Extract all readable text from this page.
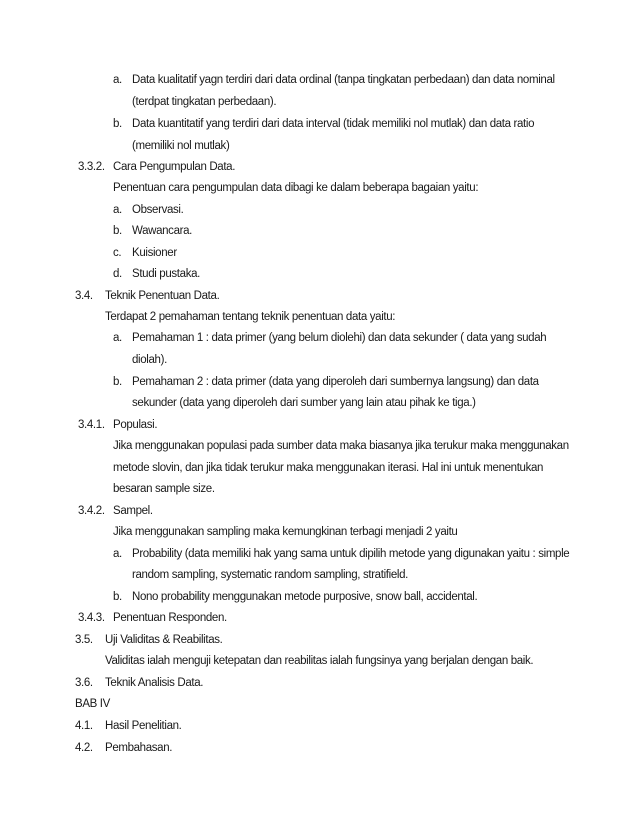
a. Data kualitatif yagn terdiri dari data ordinal (tanpa tingkatan perbedaan) dan data nominal
(terdpat tingkatan perbedaan).
b. Data kuantitatif yang terdiri dari data interval (tidak memiliki nol mutlak) dan data ratio
(memiliki nol mutlak)
3.3.2. Cara Pengumpulan Data.
Penentuan cara pengumpulan data dibagi ke dalam beberapa bagaian yaitu:
a. Observasi.
b. Wawancara.
c. Kuisioner
d. Studi pustaka.
3.4. Teknik Penentuan Data.
Terdapat 2 pemahaman tentang teknik penentuan data yaitu:
a. Pemahaman 1 : data primer (yang belum diolehi) dan data sekunder ( data yang sudah
diolah).
b. Pemahaman 2 : data primer (data yang diperoleh dari sumbernya langsung) dan data
sekunder (data yang diperoleh dari sumber yang lain atau pihak ke tiga.)
3.4.1. Populasi.
Jika menggunakan populasi pada sumber data maka biasanya jika terukur maka menggunakan
metode slovin, dan jika tidak terukur maka menggunakan iterasi. Hal ini untuk menentukan
besaran sample size.
3.4.2. Sampel.
Jika menggunakan sampling maka kemungkinan terbagi menjadi 2 yaitu
a. Probability (data memiliki hak yang sama untuk dipilih metode yang digunakan yaitu : simple
random sampling, systematic random sampling, stratifield.
b. Nono probability menggunakan metode purposive, snow ball, accidental.
3.4.3. Penentuan Responden.
3.5. Uji Validitas & Reabilitas.
Validitas ialah menguji ketepatan dan reabilitas ialah fungsinya yang berjalan dengan baik.
3.6. Teknik Analisis Data.
BAB IV
4.1. Hasil Penelitian.
4.2. Pembahasan.
